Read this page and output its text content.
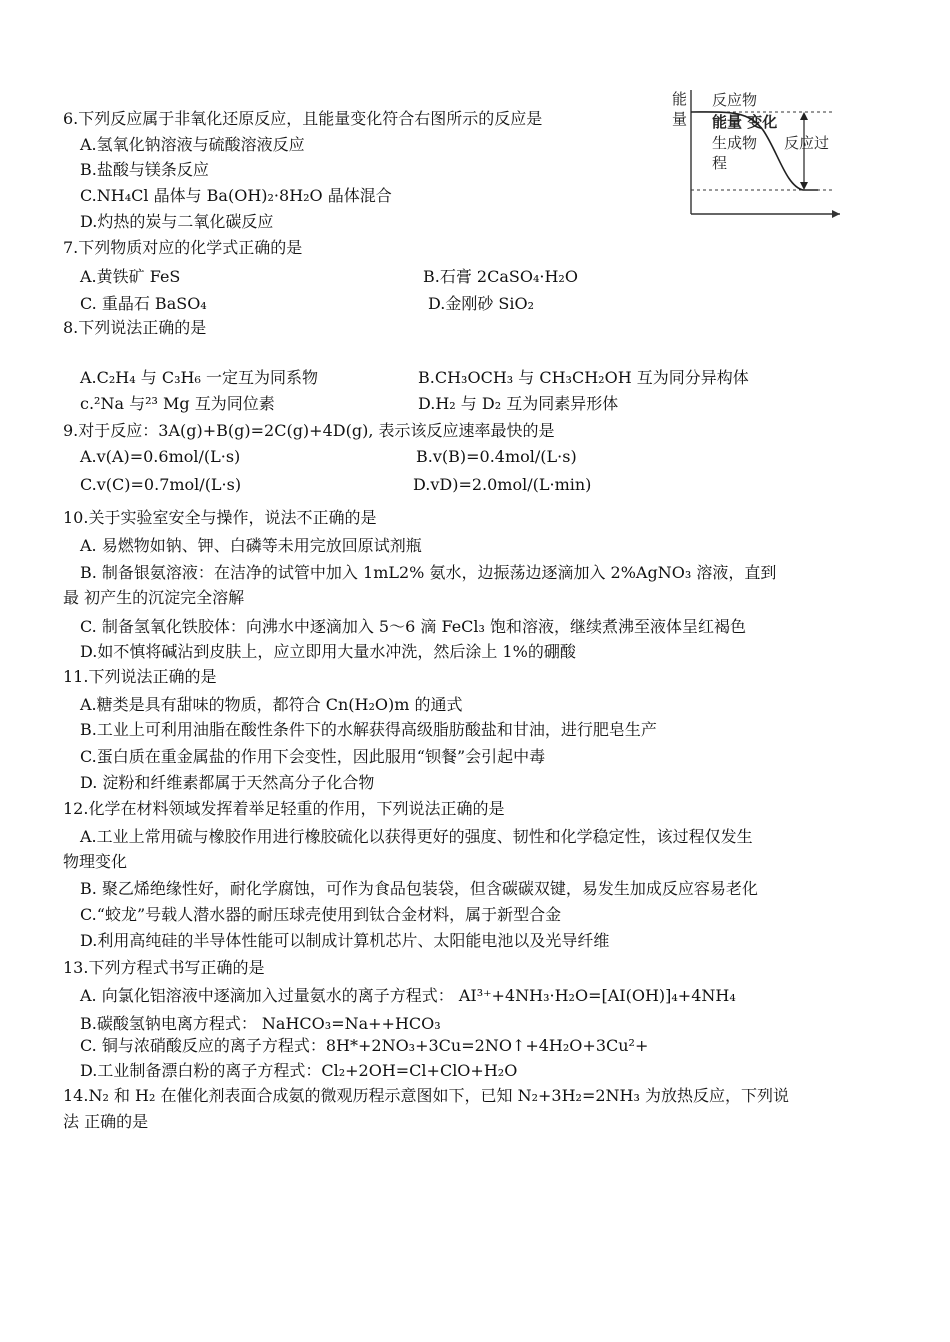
能
量
反应物
能量 变化
生成物 反应过
程
6.下列反应属于非氧化还原反应，且能量变化符合右图所示的反应是
A.氢氧化钠溶液与硫酸溶液反应
B.盐酸与镁条反应
C.NH₄Cl 晶体与 Ba(OH)₂·8H₂O 晶体混合
D.灼热的炭与二氧化碳反应
7.下列物质对应的化学式正确的是
A.黄铁矿 FeS	B.石膏 2CaSO₄·H₂O
C. 重晶石 BaSO₄	D.金刚砂 SiO₂
8.下列说法正确的是
A.C₂H₄ 与 C₃H₆ 一定互为同系物	B.CH₃OCH₃ 与 CH₃CH₂OH 互为同分异构体
c.²Na 与²³ Mg 互为同位素	D.H₂ 与 D₂ 互为同素异形体
9.对于反应：3A(g)+B(g)=2C(g)+4D(g), 表示该反应速率最快的是
A.v(A)=0.6mol/(L·s)	B.v(B)=0.4mol/(L·s)
C.v(C)=0.7mol/(L·s)	D.vD)=2.0mol/(L·min)
10.关于实验室安全与操作，说法不正确的是
A. 易燃物如钠、钾、白磷等未用完放回原试剂瓶
B. 制备银氨溶液：在洁净的试管中加入 1mL2% 氨水，边振荡边逐滴加入 2%AgNO₃ 溶液，直到
最 初产生的沉淀完全溶解
C. 制备氢氧化铁胶体：向沸水中逐滴加入 5～6 滴 FeCl₃ 饱和溶液，继续煮沸至液体呈红褐色
D.如不慎将碱沾到皮肤上，应立即用大量水冲洗，然后涂上 1%的硼酸
11.下列说法正确的是
A.糖类是具有甜味的物质，都符合 Cn(H₂O)m 的通式
B.工业上可利用油脂在酸性条件下的水解获得高级脂肪酸盐和甘油，进行肥皂生产
C.蛋白质在重金属盐的作用下会变性，因此服用“钡餐”会引起中毒
D. 淀粉和纤维素都属于天然高分子化合物
12.化学在材料领域发挥着举足轻重的作用，下列说法正确的是
A.工业上常用硫与橡胶作用进行橡胶硫化以获得更好的强度、韧性和化学稳定性，该过程仅发生
物理变化
B. 聚乙烯绝缘性好，耐化学腐蚀，可作为食品包装袋，但含碳碳双键，易发生加成反应容易老化
C.“蛟龙”号载人潜水器的耐压球壳使用到钛合金材料，属于新型合金
D.利用高纯硅的半导体性能可以制成计算机芯片、太阳能电池以及光导纤维
13.下列方程式书写正确的是
A. 向氯化铝溶液中逐滴加入过量氨水的离子方程式： AI³⁺+4NH₃·H₂O=[AI(OH)]₄+4NH₄
B.碳酸氢钠电离方程式： NaHCO₃=Na++HCO₃
C. 铜与浓硝酸反应的离子方程式：8H*+2NO₃+3Cu=2NO↑+4H₂O+3Cu²+
D.工业制备漂白粉的离子方程式：Cl₂+2OH=Cl+ClO+H₂O
14.N₂ 和 H₂ 在催化剂表面合成氨的微观历程示意图如下，已知 N₂+3H₂=2NH₃ 为放热反应，下列说
法 正确的是
